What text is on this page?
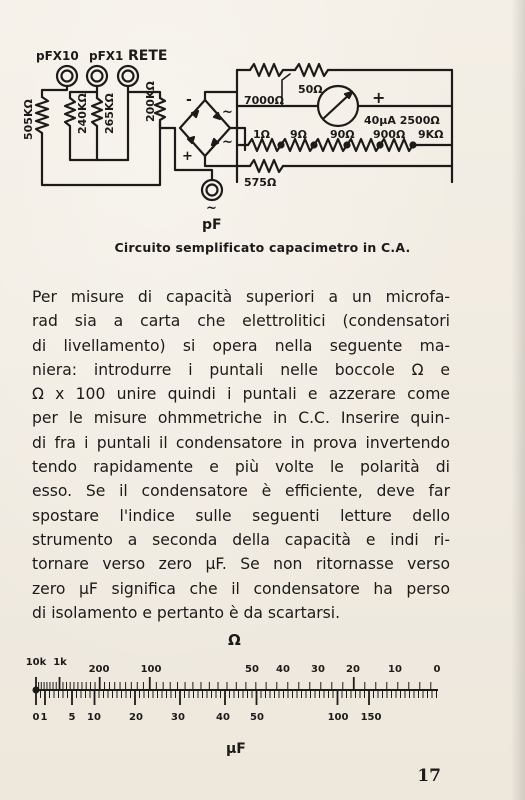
pFX10 pFX1 RETE
505KΩ	240KΩ 265KΩ	200KΩ -
+
~
~
~
pF
7000Ω
50Ω	+
40μA 2500Ω
1Ω 9Ω 90Ω 900Ω 9KΩ
575Ω
Circuito semplificato capacimetro in C.A.
Per misure di capacità superiori a un microfa-
rad sia a carta che elettrolitici (condensatori
di livellamento) si opera nella seguente ma-
niera: introdurre i puntali nelle boccole Ω e
Ω x 100 unire quindi i puntali e azzerare come
per le misure ohmmetriche in C.C. Inserire quin-
di fra i puntali il condensatore in prova invertendo
tendo rapidamente e più volte le polarità di
esso. Se il condensatore è efficiente, deve far
spostare l'indice sulle seguenti letture dello
strumento a seconda della capacità e indi ri-
tornare verso zero μF. Se non ritornasse verso
zero μF significa che il condensatore ha perso
di isolamento e pertanto è da scartarsi.
Ω
10k 1k
200	100	50 40 30 20	10	0
0 1 5 10	20	30	40 50	100 150
μF
17
